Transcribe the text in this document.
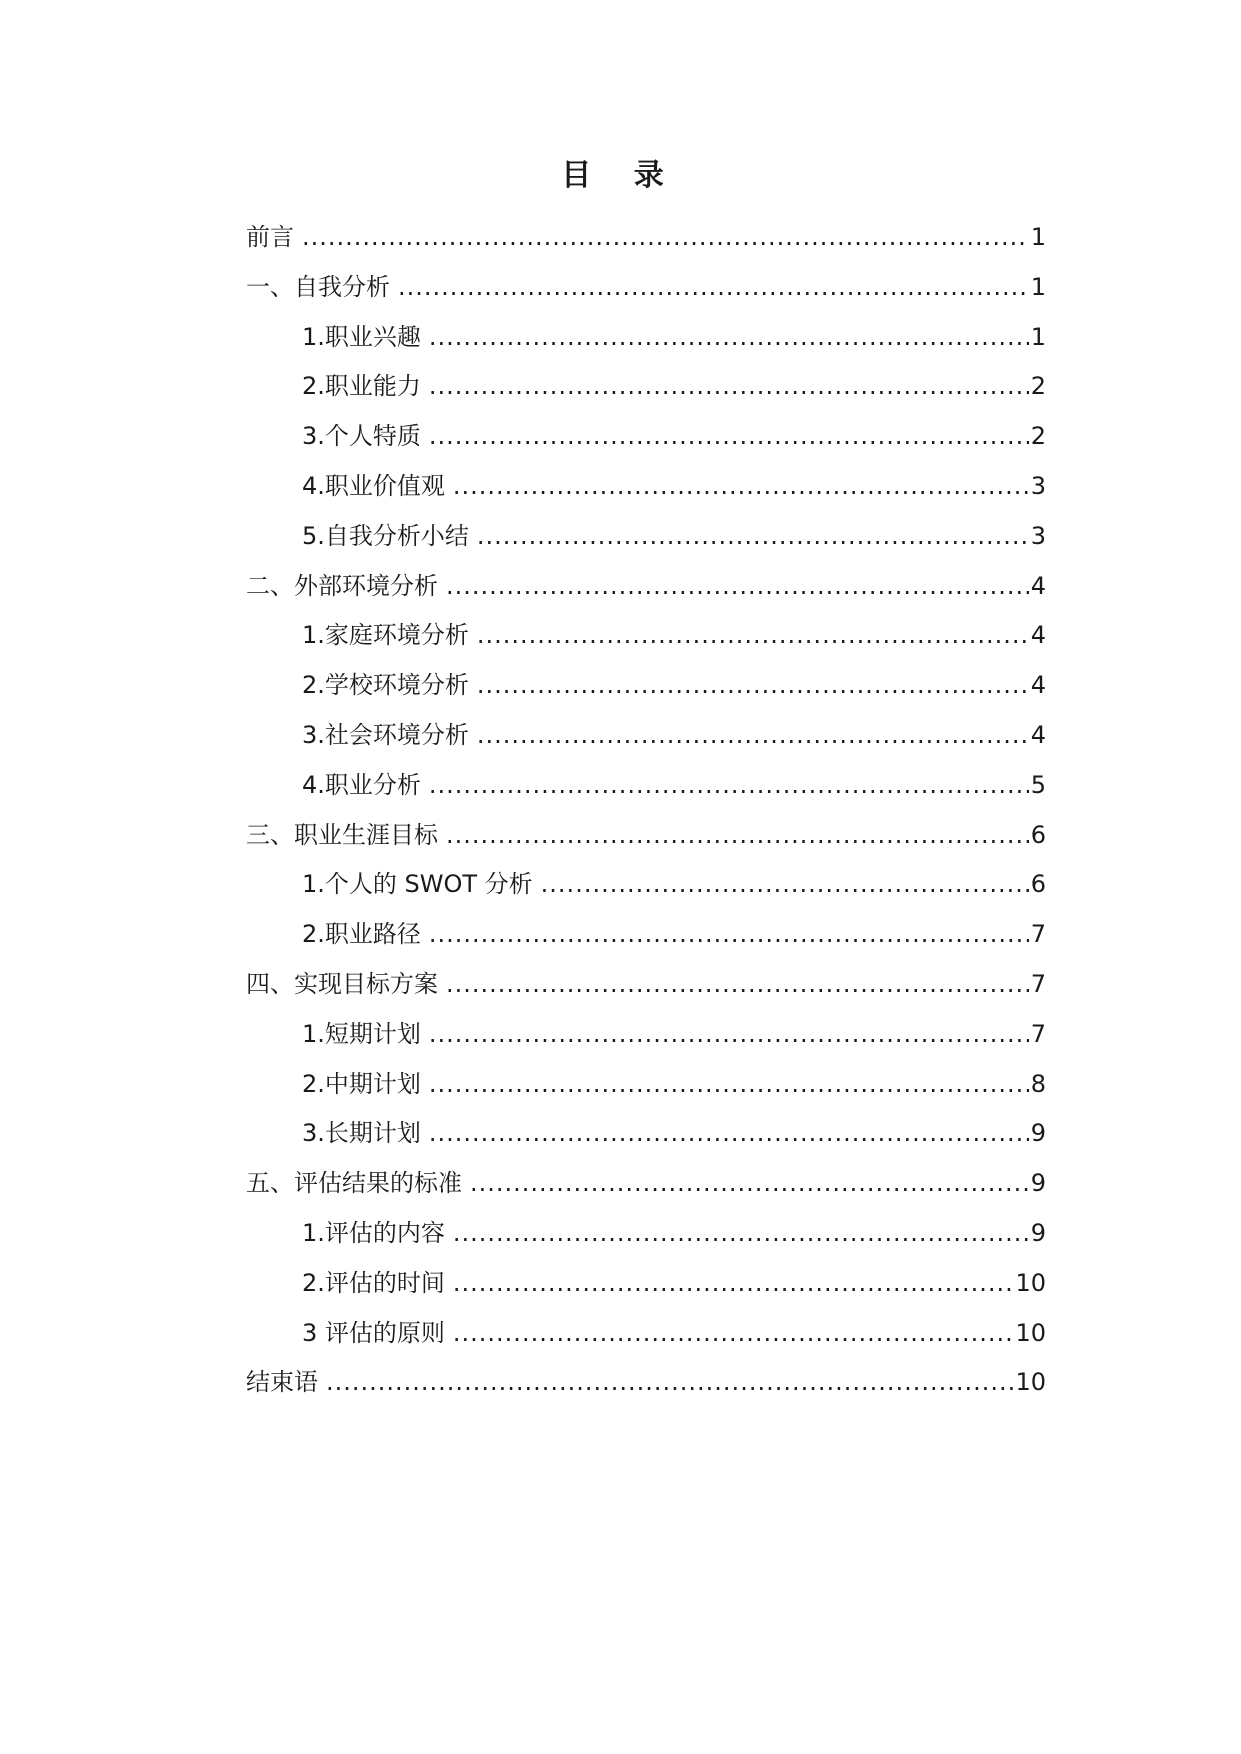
目 录
前言 .....	1
一、自我分析 .....	1
1.职业兴趣 .....	1
2.职业能力 .....	2
3.个人特质 .....	2
4.职业价值观 .....	3
5.自我分析小结 .....	3
二、外部环境分析 .....	4
1.家庭环境分析 .....	4
2.学校环境分析 .....	4
3.社会环境分析 .....	4
4.职业分析 .....	5
三、职业生涯目标 .....	6
1.个人的 SWOT 分析 .....	6
2.职业路径 .....	7
四、实现目标方案 .....	7
1.短期计划 .....	7
2.中期计划 .....	8
3.长期计划 .....	9
五、评估结果的标准 .....	9
1.评估的内容 .....	9
2.评估的时间 .....	10
3 评估的原则 .....	10
结束语 .....	10
